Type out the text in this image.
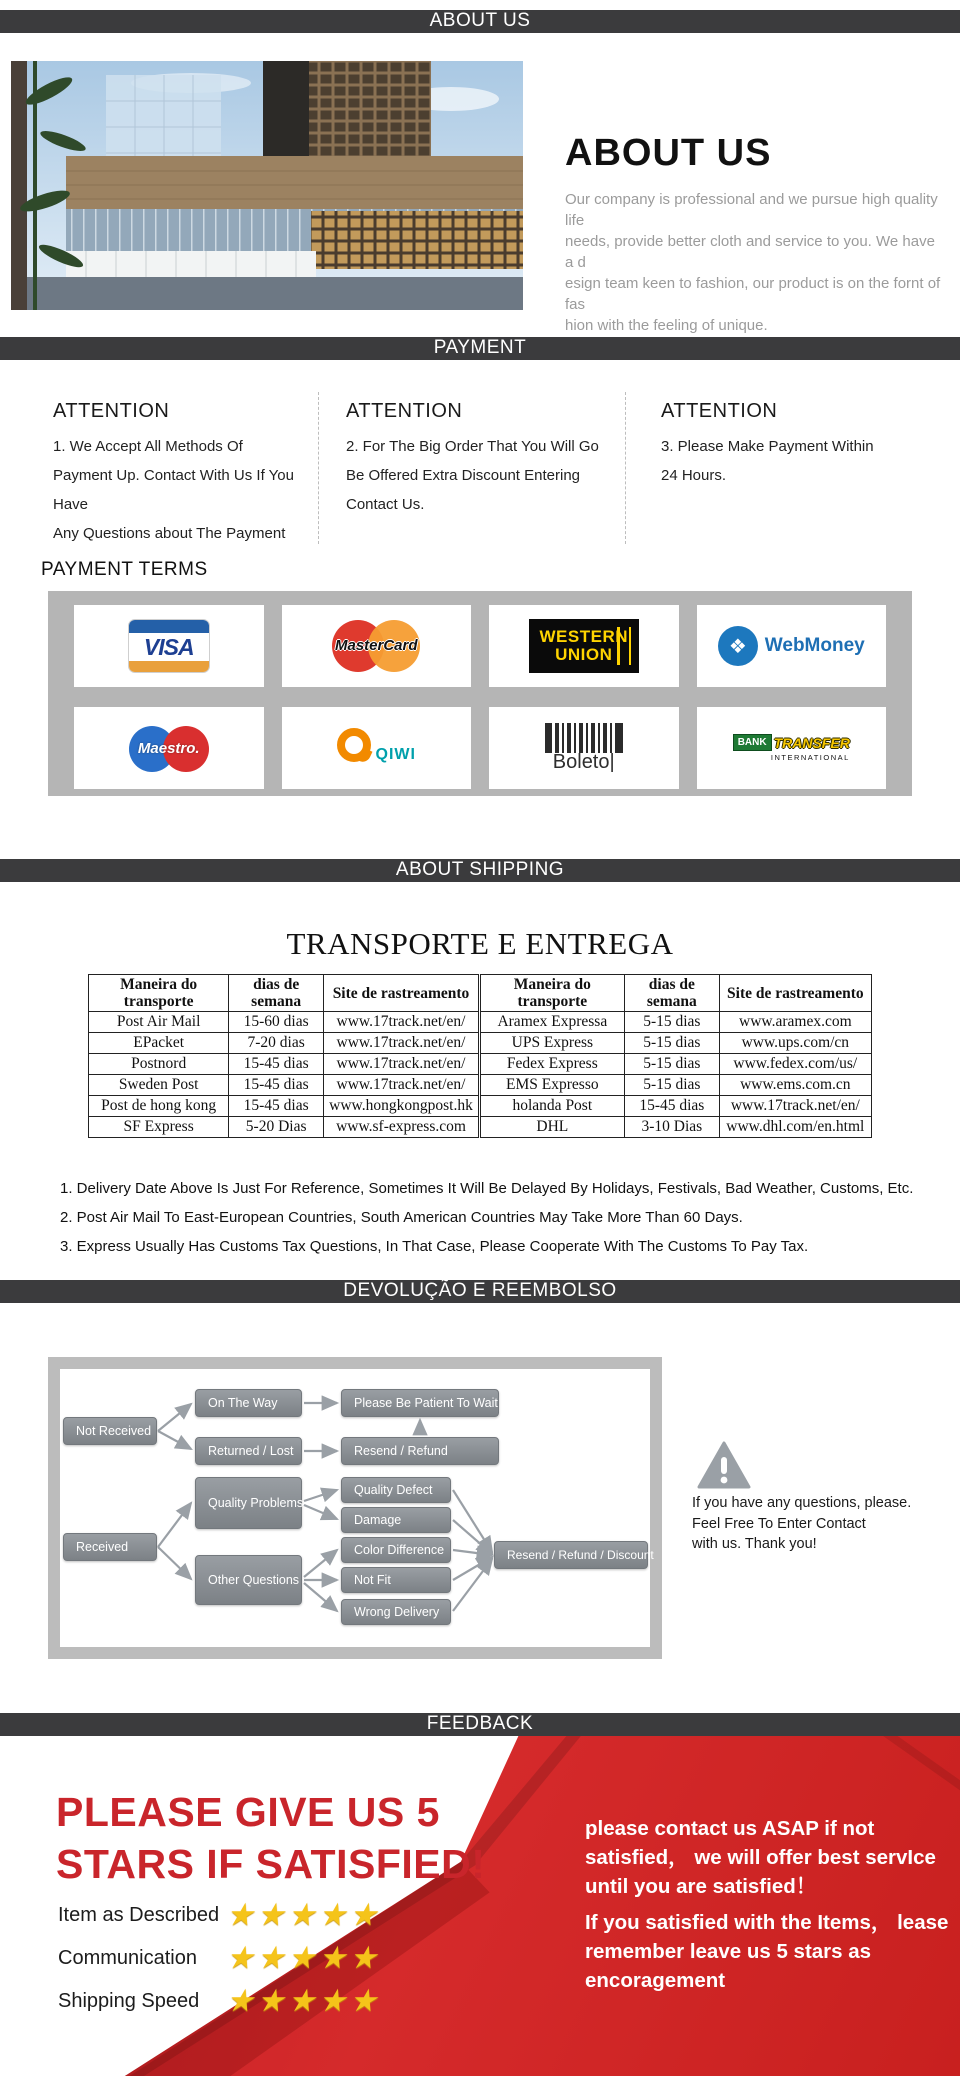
ABOUT US
ABOUT US
Our company is professional and we pursue high quality life
needs, provide better cloth and service to you. We have a d
esign team keen to fashion, our product is on the fornt of fas
hion with the feeling of unique.
PAYMENT
ATTENTION
1. We Accept All Methods Of
Payment Up. Contact With Us If You Have
Any Questions about The Payment
ATTENTION
2. For The Big Order That You Will Go
Be Offered Extra Discount Entering
Contact Us.
ATTENTION
3. Please Make Payment Within
24 Hours.
PAYMENT TERMS
VISA	MasterCard	WESTERN
UNION	❖ WebMoney
Maestro.	QIWI	Boleto |
BANK TRANSFER
INTERNATIONAL
ABOUT SHIPPING
TRANSPORTE E ENTREGA
Maneira do transporte	dias de semana	Site de rastreamento	Maneira do transporte	dias de semana	Site de rastreamento
Post Air Mail	15-60 dias	www.17track.net/en/	Aramex Expressa	5-15 dias	www.aramex.com
EPacket	7-20 dias	www.17track.net/en/	UPS Express	5-15 dias	www.ups.com/cn
Postnord	15-45 dias	www.17track.net/en/	Fedex Express	5-15 dias	www.fedex.com/us/
Sweden Post	15-45 dias	www.17track.net/en/	EMS Expresso	5-15 dias	www.ems.com.cn
Post de hong kong	15-45 dias	www.hongkongpost.hk	holanda Post	15-45 dias	www.17track.net/en/
SF Express	5-20 Dias	www.sf-express.com	DHL	3-10 Dias	www.dhl.com/en.html
1. Delivery Date Above Is Just For Reference, Sometimes It Will Be Delayed By Holidays, Festivals, Bad Weather, Customs, Etc.
2. Post Air Mail To East-European Countries, South American Countries May Take More Than 60 Days.
3. Express Usually Has Customs Tax Questions, In That Case, Please Cooperate With The Customs To Pay Tax.
DEVOLUÇÃO E REEMBOLSO
Not Received
On The Way	Please Be Patient To Wait
Returned / Lost	Resend / Refund
Quality Problems
Quality Defect
Damage
Received	Color Difference
Other Questions	Not Fit
Wrong Delivery
Resend / Refund / Discount
If you have any questions, please.
Feel Free To Enter Contact
with us. Thank you!
FEEDBACK
PLEASE GIVE US 5
STARS IF SATISFIED!
Item as Described
★ ★ ★ ★ ★
Communication
★ ★ ★ ★ ★
Shipping Speed
★ ★ ★ ★ ★
please contact us ASAP if not
satisfied， we will offer best servIce
until you are satisfied！
If you satisfied with the Items， lease
remember leave us 5 stars as
encoragement
